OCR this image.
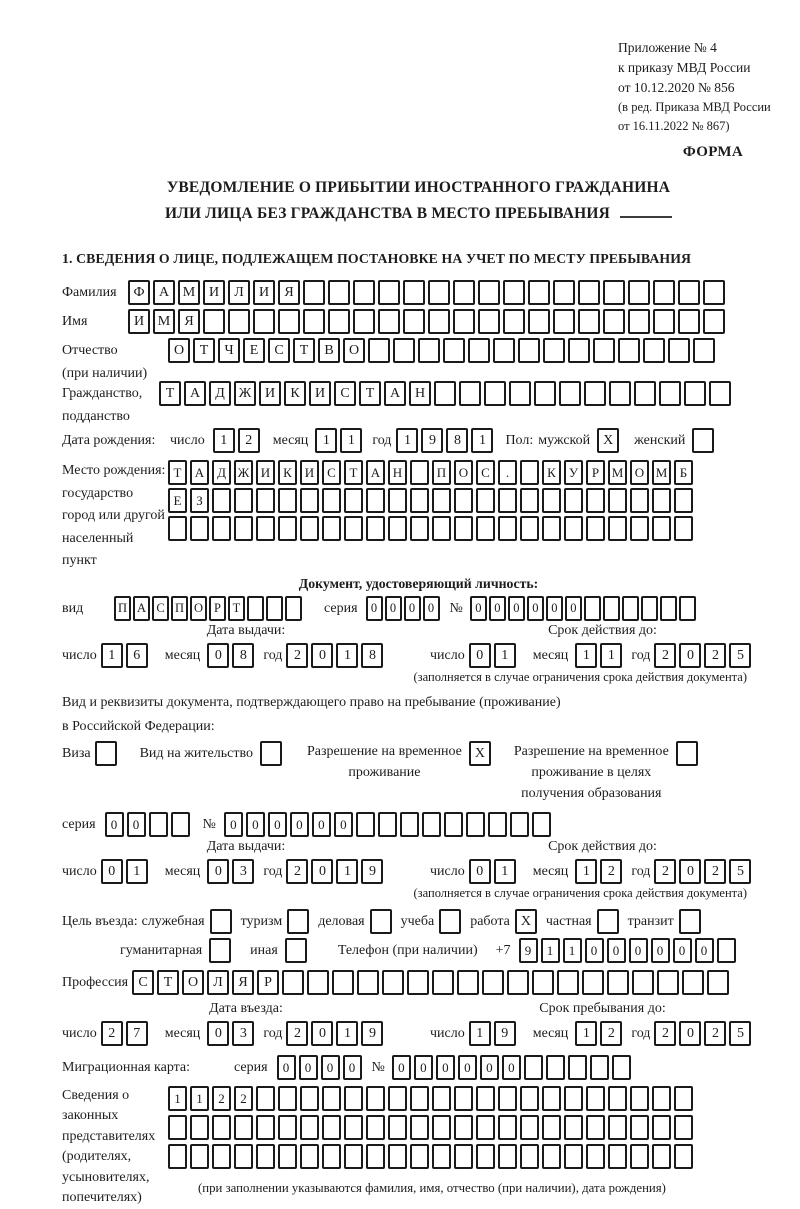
Приложение № 4
к приказу МВД России
от 10.12.2020 № 856
(в ред. Приказа МВД России
от 16.11.2022 № 867)
ФОРМА
УВЕДОМЛЕНИЕ О ПРИБЫТИИ ИНОСТРАННОГО ГРАЖДАНИНА
ИЛИ ЛИЦА БЕЗ ГРАЖДАНСТВА В МЕСТО ПРЕБЫВАНИЯ
1. СВЕДЕНИЯ О ЛИЦЕ, ПОДЛЕЖАЩЕМ ПОСТАНОВКЕ НА УЧЕТ ПО МЕСТУ ПРЕБЫВАНИЯ
Фамилия	Ф	А М И	Л	И	Я
Имя	И М	Я
Отчество
(при наличии)
О	Т	Ч	Е	С	Т	В	О
Гражданство,
подданство
Т	А	Д Ж И	К	И	С	Т	А	Н
Дата рождения:	число	1	2	месяц	1	1	год 1	9	8	1	Пол: мужской X	женский
Место рождения:
государство
город или другой
населенный пункт
Т	А Д Ж И К И С	Т	А Н	П О С	.	К	У	Р М О М Б
Е	З
Документ, удостоверяющий личность:
вид	П А С П О Р Т	серия	0	0	0	0	№ 0	0	0	0	0	0
Дата выдачи:
число 1	6	месяц	0	8	год 2	0	1	8
Срок действия до:
число 0	1	месяц	1	1	год 2	0	2	5
(заполняется в случае ограничения срока действия документа)
Вид и реквизиты документа, подтверждающего право на пребывание (проживание)
в Российской Федерации:
Виза	Вид на жительство	Разрешение на временное
проживание
X	Разрешение на временное
проживание в целях
получения образования
серия	0	0	№	0	0	0	0	0	0
Дата выдачи:
число 0	1	месяц	0	3	год 2	0	1	9
Срок действия до:
число 0	1	месяц	1	2	год 2	0	2	5
(заполняется в случае ограничения срока действия документа)
Цель въезда: служебная	туризм	деловая	учеба	работа X	частная	транзит
гуманитарная	иная	Телефон (при наличии) +7	9	1	1	0	0	0	0	0	0
Профессия С	Т	О	Л	Я	Р
Дата въезда:
число 2	7	месяц	0	3	год 2	0	1	9
Срок пребывания до:
число 1	9	месяц	1	2	год 2	0	2	5
Миграционная карта:	серия	0	0	0	0	№	0	0	0	0	0	0
Сведения о
законных
представителях
(родителях,
усыновителях,
попечителях)
1	1	2	2
(при заполнении указываются фамилия, имя, отчество (при наличии), дата рождения)
